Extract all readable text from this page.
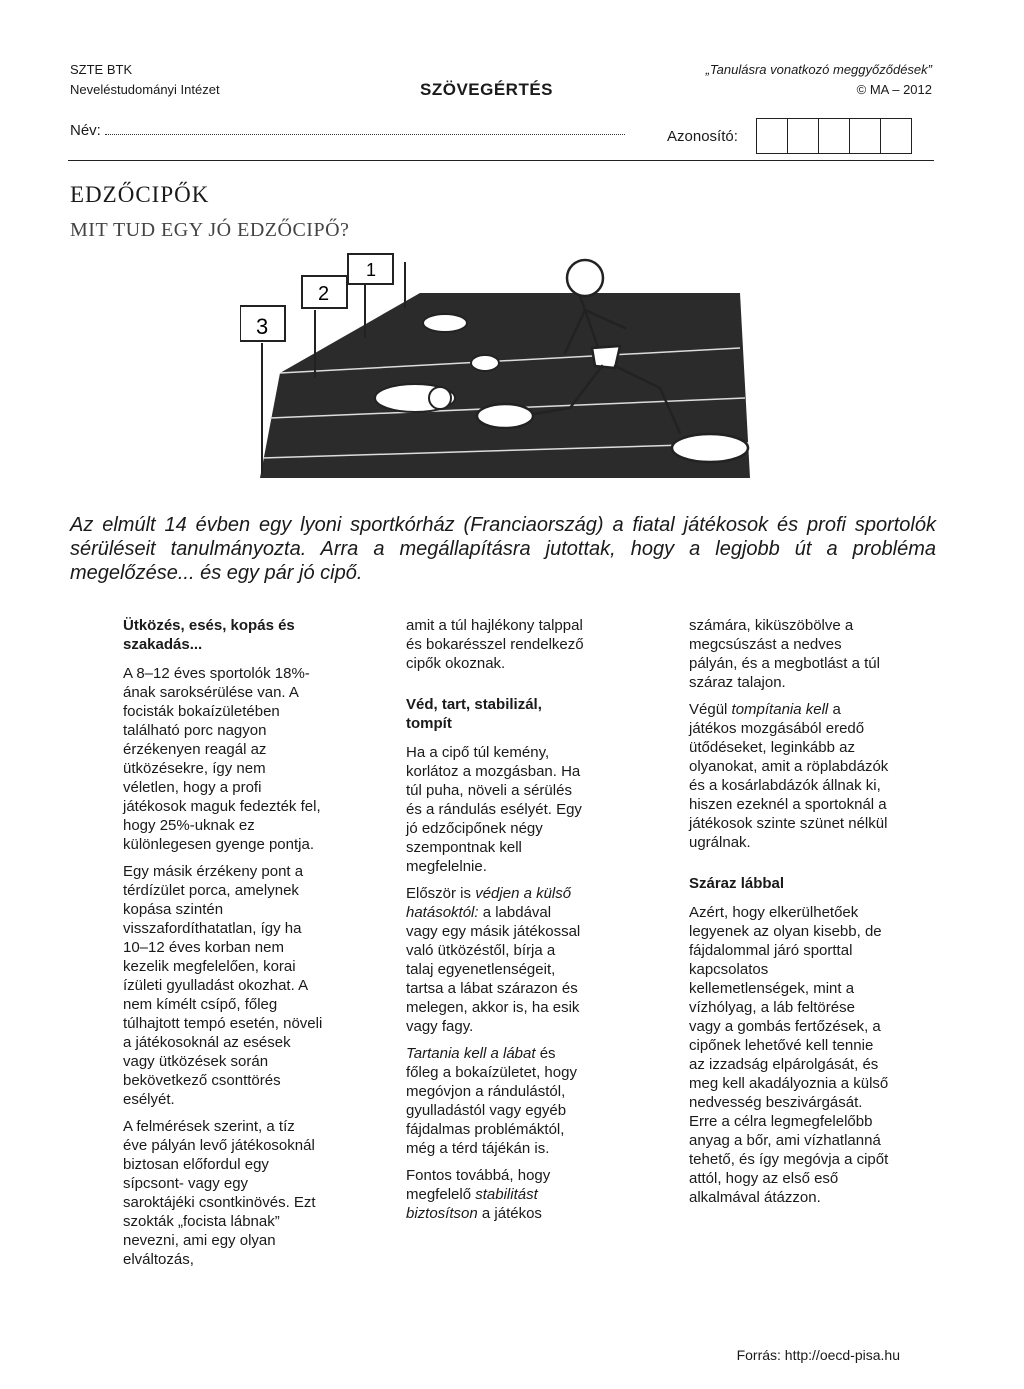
SZTE BTK
Neveléstudományi Intézet	SZÖVEGÉRTÉS
„Tanulásra vonatkozó meggyőződések”
© MA – 2012
Név:	Azonosító:
EDZŐCIPŐK
MIT TUD EGY JÓ EDZŐCIPŐ?
3
2
1
Az elmúlt 14 évben egy lyoni sportkórház (Franciaország) a fiatal játékosok és profi sportolók sérüléseit tanulmányozta. Arra a megállapításra jutottak, hogy a legjobb út a probléma megelőzése... és egy pár jó cipő.
Ütközés, esés, kopás és szakadás...

A 8–12 éves sportolók 18%-ának saroksérülése van. A focisták bokaízületében található porc nagyon érzékenyen reagál az ütközésekre, így nem véletlen, hogy a profi játékosok maguk fedezték fel, hogy 25%-uknak ez különlegesen gyenge pontja.

Egy másik érzékeny pont a térdízület porca, amelynek kopása szintén visszafordíthatatlan, így ha 10–12 éves korban nem kezelik megfelelően, korai ízületi gyulladást okozhat. A nem kímélt csípő, főleg túlhajtott tempó esetén, növeli a játékosoknál az esések vagy ütközések során bekövetkező csonttörés esélyét.

A felmérések szerint, a tíz éve pályán levő játékosoknál biztosan előfordul egy sípcsont- vagy egy saroktájéki csontkinövés. Ezt szokták „focista lábnak” nevezni, ami egy olyan elváltozás,

amit a túl hajlékony talppal és bokarésszel rendelkező cipők okoznak.

Véd, tart, stabilizál, tompít

Ha a cipő túl kemény, korlátoz a mozgásban. Ha túl puha, növeli a sérülés és a rándulás esélyét. Egy jó edzőcipőnek négy szempontnak kell megfelelnie.

Először is védjen a külső hatásoktól: a labdával vagy egy másik játékossal való ütközéstől, bírja a talaj egyenetlenségeit, tartsa a lábat szárazon és melegen, akkor is, ha esik vagy fagy.

Tartania kell a lábat és főleg a bokaízületet, hogy megóvjon a rándulástól, gyulladástól vagy egyéb fájdalmas problémáktól, még a térd tájékán is.

Fontos továbbá, hogy megfelelő stabilitást biztosítson a játékos

számára, kiküszöbölve a megcsúszást a nedves pályán, és a megbotlást a túl száraz talajon.

Végül tompítania kell a játékos mozgásából eredő ütődéseket, leginkább az olyanokat, amit a röplabdázók és a kosárlabdázók állnak ki, hiszen ezeknél a sportoknál a játékosok szinte szünet nélkül ugrálnak.

Száraz lábbal

Azért, hogy elkerülhetőek legyenek az olyan kisebb, de fájdalommal járó sporttal kapcsolatos kellemetlenségek, mint a vízhólyag, a láb feltörése vagy a gombás fertőzések, a cipőnek lehetővé kell tennie az izzadság elpárolgását, és meg kell akadályoznia a külső nedvesség beszivárgását. Erre a célra legmegfelelőbb anyag a bőr, ami vízhatlanná tehető, és így megóvja a cipőt attól, hogy az első eső alkalmával átázzon.

Forrás: http://oecd-pisa.hu
